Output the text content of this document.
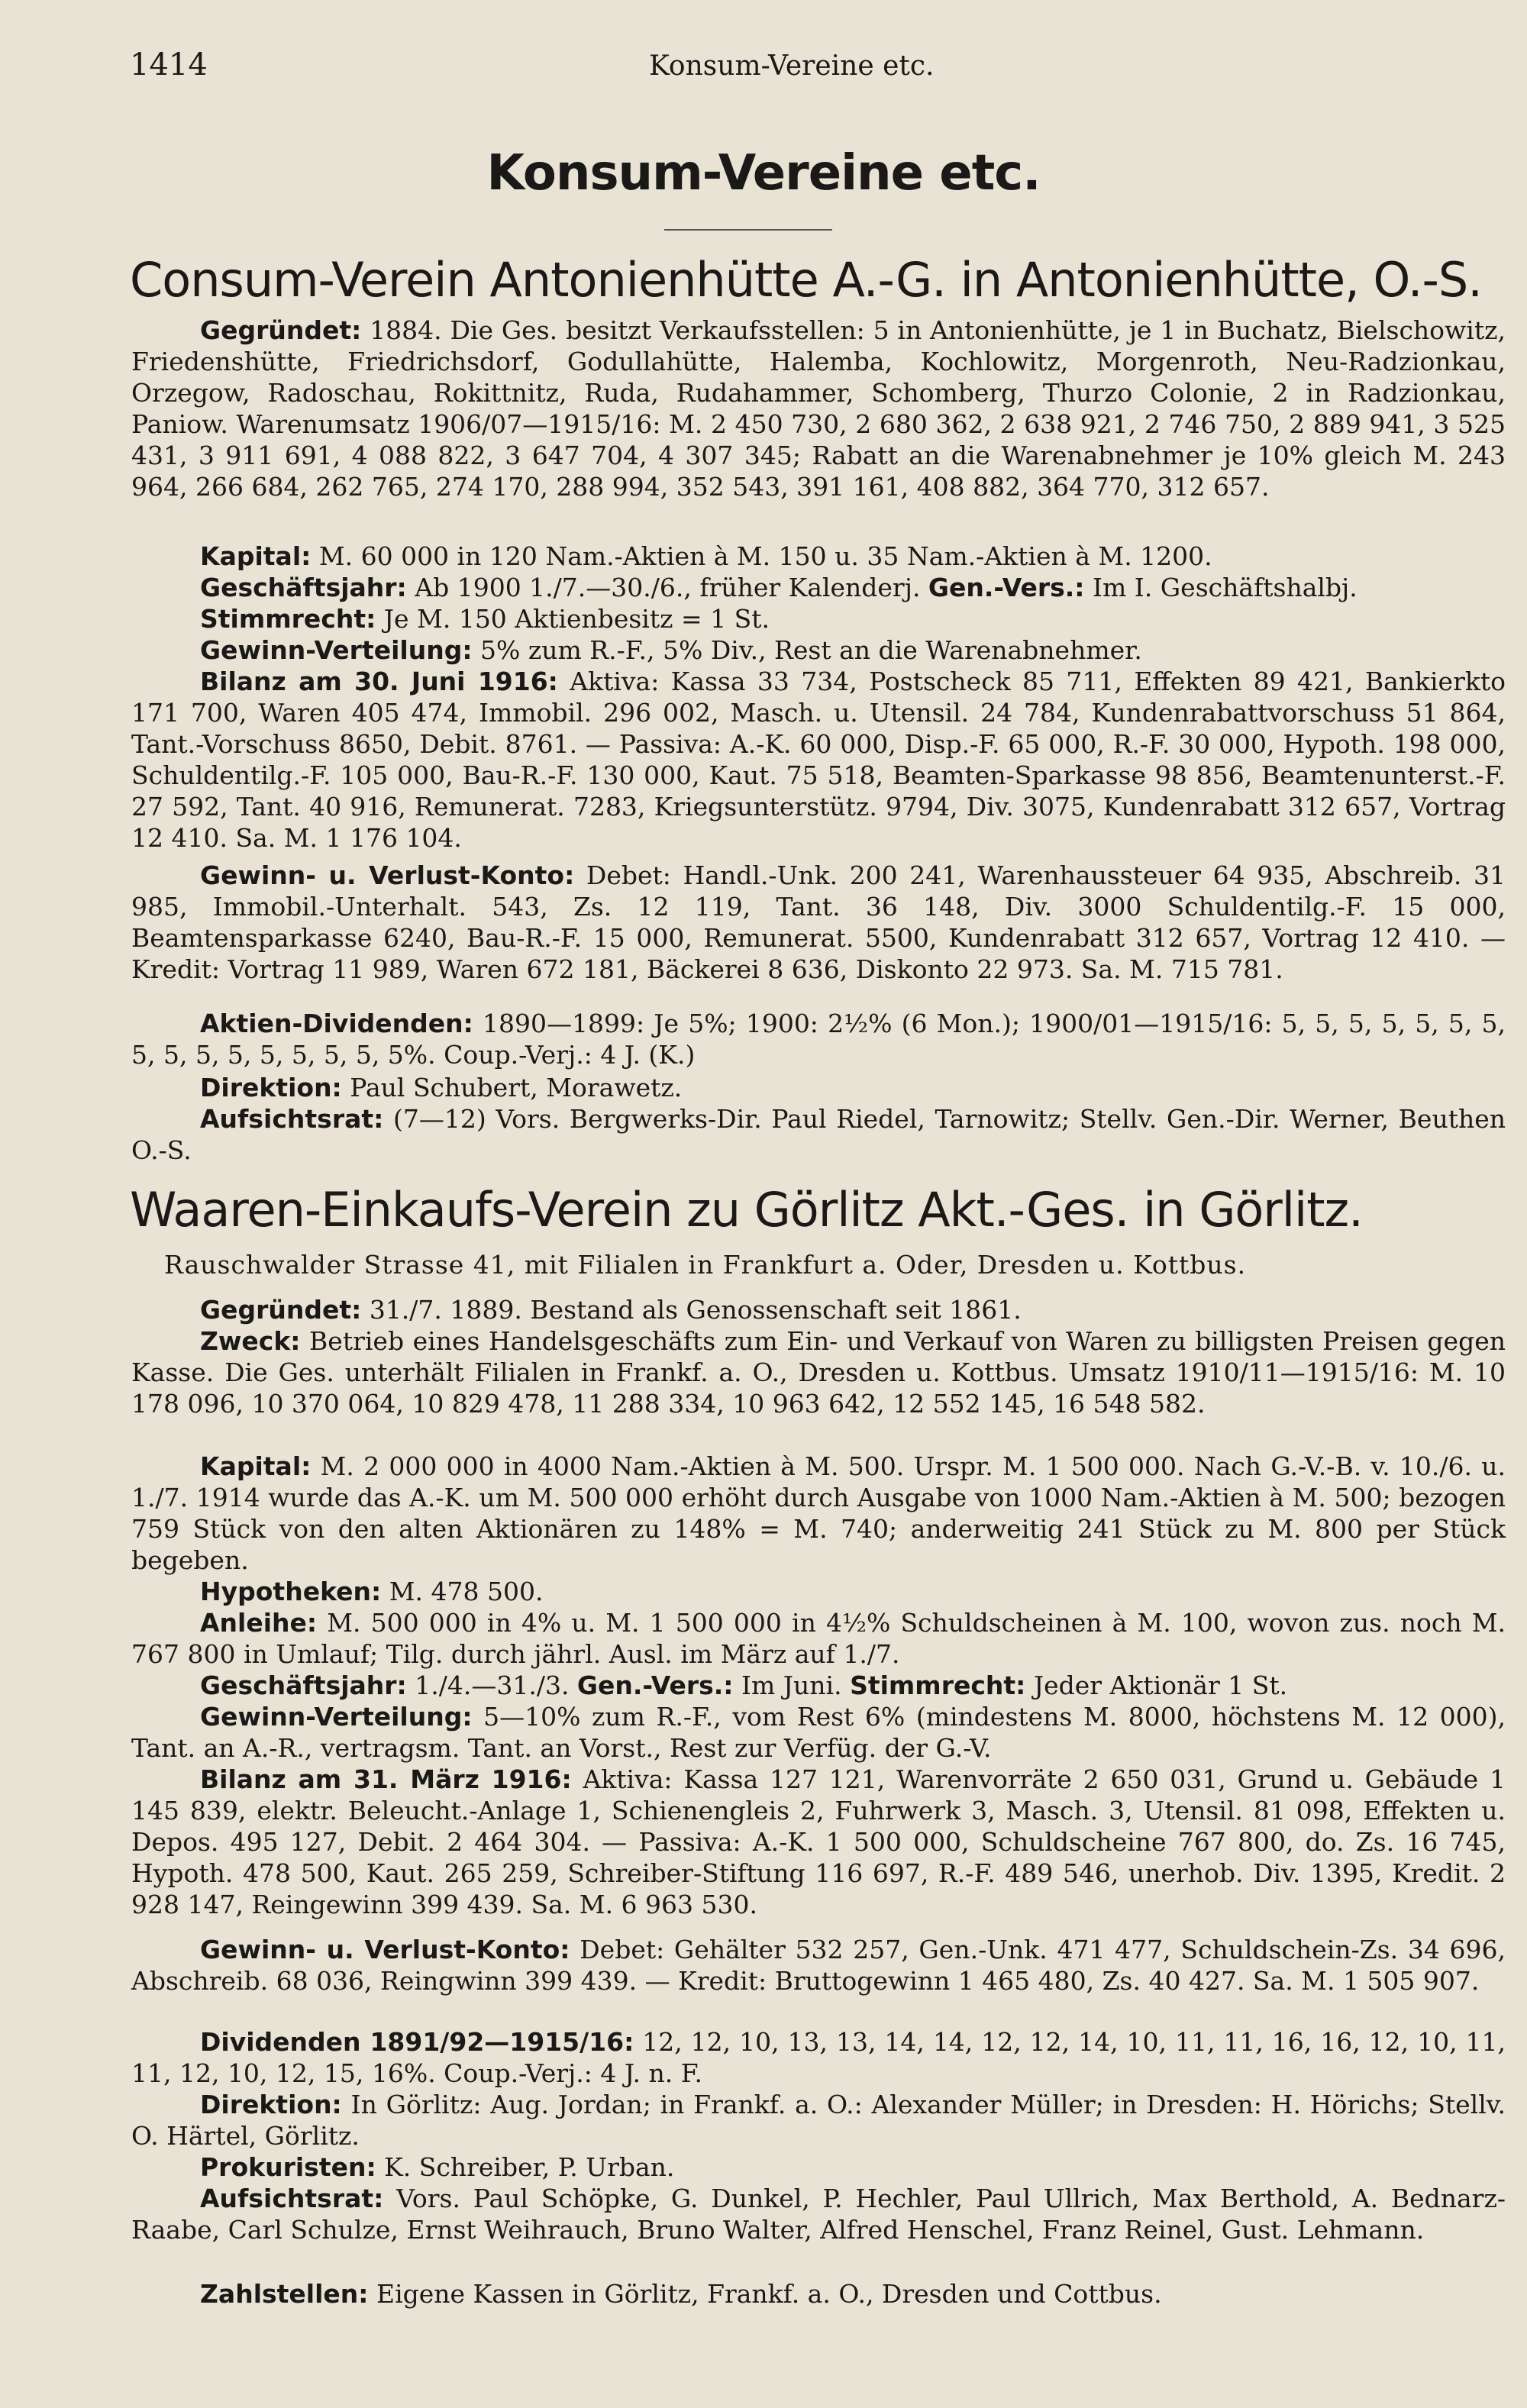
1414	Konsum-Vereine etc.
Konsum-Vereine etc.
Consum-Verein Antonienhütte A.-G. in Antonienhütte, O.-S.
Gegründet: 1884. Die Ges. besitzt Verkaufsstellen: 5 in Antonienhütte, je 1 in Buchatz, Bielschowitz, Friedenshütte, Friedrichsdorf, Godullahütte, Halemba, Kochlowitz, Morgenroth, Neu-Radzionkau, Orzegow, Radoschau, Rokittnitz, Ruda, Rudahammer, Schomberg, Thurzo Colonie, 2 in Radzionkau, Paniow. Warenumsatz 1906/07—1915/16: M. 2 450 730, 2 680 362, 2 638 921, 2 746 750, 2 889 941, 3 525 431, 3 911 691, 4 088 822, 3 647 704, 4 307 345; Rabatt an die Warenabnehmer je 10% gleich M. 243 964, 266 684, 262 765, 274 170, 288 994, 352 543, 391 161, 408 882, 364 770, 312 657.
Kapital: M. 60 000 in 120 Nam.-Aktien à M. 150 u. 35 Nam.-Aktien à M. 1200.
Geschäftsjahr: Ab 1900 1./7.—30./6., früher Kalenderj. Gen.-Vers.: Im I. Geschäftshalbj.
Stimmrecht: Je M. 150 Aktienbesitz = 1 St.
Gewinn-Verteilung: 5% zum R.-F., 5% Div., Rest an die Warenabnehmer.
Bilanz am 30. Juni 1916: Aktiva: Kassa 33 734, Postscheck 85 711, Effekten 89 421, Bankierkto 171 700, Waren 405 474, Immobil. 296 002, Masch. u. Utensil. 24 784, Kundenrabattvorschuss 51 864, Tant.-Vorschuss 8650, Debit. 8761. — Passiva: A.-K. 60 000, Disp.-F. 65 000, R.-F. 30 000, Hypoth. 198 000, Schuldentilg.-F. 105 000, Bau-R.-F. 130 000, Kaut. 75 518, Beamten-Sparkasse 98 856, Beamtenunterst.-F. 27 592, Tant. 40 916, Remunerat. 7283, Kriegsunterstütz. 9794, Div. 3075, Kundenrabatt 312 657, Vortrag 12 410. Sa. M. 1 176 104.
Gewinn- u. Verlust-Konto: Debet: Handl.-Unk. 200 241, Warenhaussteuer 64 935, Abschreib. 31 985, Immobil.-Unterhalt. 543, Zs. 12 119, Tant. 36 148, Div. 3000 Schuldentilg.-F. 15 000, Beamtensparkasse 6240, Bau-R.-F. 15 000, Remunerat. 5500, Kundenrabatt 312 657, Vortrag 12 410. — Kredit: Vortrag 11 989, Waren 672 181, Bäckerei 8 636, Diskonto 22 973. Sa. M. 715 781.
Aktien-Dividenden: 1890—1899: Je 5%; 1900: 2½% (6 Mon.); 1900/01—1915/16: 5, 5, 5, 5, 5, 5, 5, 5, 5, 5, 5, 5, 5, 5, 5, 5%. Coup.-Verj.: 4 J. (K.)
Direktion: Paul Schubert, Morawetz.
Aufsichtsrat: (7—12) Vors. Bergwerks-Dir. Paul Riedel, Tarnowitz; Stellv. Gen.-Dir. Werner, Beuthen O.-S.
Waaren-Einkaufs-Verein zu Görlitz Akt.-Ges. in Görlitz.
Rauschwalder Strasse 41, mit Filialen in Frankfurt a. Oder, Dresden u. Kottbus.
Gegründet: 31./7. 1889. Bestand als Genossenschaft seit 1861.
Zweck: Betrieb eines Handelsgeschäfts zum Ein- und Verkauf von Waren zu billigsten Preisen gegen Kasse. Die Ges. unterhält Filialen in Frankf. a. O., Dresden u. Kottbus. Umsatz 1910/11—1915/16: M. 10 178 096, 10 370 064, 10 829 478, 11 288 334, 10 963 642, 12 552 145, 16 548 582.
Kapital: M. 2 000 000 in 4000 Nam.-Aktien à M. 500. Urspr. M. 1 500 000. Nach G.-V.-B. v. 10./6. u. 1./7. 1914 wurde das A.-K. um M. 500 000 erhöht durch Ausgabe von 1000 Nam.-Aktien à M. 500; bezogen 759 Stück von den alten Aktionären zu 148% = M. 740; anderweitig 241 Stück zu M. 800 per Stück begeben.
Hypotheken: M. 478 500.
Anleihe: M. 500 000 in 4% u. M. 1 500 000 in 4½% Schuldscheinen à M. 100, wovon zus. noch M. 767 800 in Umlauf; Tilg. durch jährl. Ausl. im März auf 1./7.
Geschäftsjahr: 1./4.—31./3. Gen.-Vers.: Im Juni. Stimmrecht: Jeder Aktionär 1 St.
Gewinn-Verteilung: 5—10% zum R.-F., vom Rest 6% (mindestens M. 8000, höchstens M. 12 000), Tant. an A.-R., vertragsm. Tant. an Vorst., Rest zur Verfüg. der G.-V.
Bilanz am 31. März 1916: Aktiva: Kassa 127 121, Warenvorräte 2 650 031, Grund u. Gebäude 1 145 839, elektr. Beleucht.-Anlage 1, Schienengleis 2, Fuhrwerk 3, Masch. 3, Utensil. 81 098, Effekten u. Depos. 495 127, Debit. 2 464 304. — Passiva: A.-K. 1 500 000, Schuldscheine 767 800, do. Zs. 16 745, Hypoth. 478 500, Kaut. 265 259, Schreiber-Stiftung 116 697, R.-F. 489 546, unerhob. Div. 1395, Kredit. 2 928 147, Reingewinn 399 439. Sa. M. 6 963 530.
Gewinn- u. Verlust-Konto: Debet: Gehälter 532 257, Gen.-Unk. 471 477, Schuldschein-Zs. 34 696, Abschreib. 68 036, Reingwinn 399 439. — Kredit: Bruttogewinn 1 465 480, Zs. 40 427. Sa. M. 1 505 907.
Dividenden 1891/92—1915/16: 12, 12, 10, 13, 13, 14, 14, 12, 12, 14, 10, 11, 11, 16, 16, 12, 10, 11, 11, 12, 10, 12, 15, 16%. Coup.-Verj.: 4 J. n. F.
Direktion: In Görlitz: Aug. Jordan; in Frankf. a. O.: Alexander Müller; in Dresden: H. Hörichs; Stellv. O. Härtel, Görlitz.
Prokuristen: K. Schreiber, P. Urban.
Aufsichtsrat: Vors. Paul Schöpke, G. Dunkel, P. Hechler, Paul Ullrich, Max Berthold, A. Bednarz-Raabe, Carl Schulze, Ernst Weihrauch, Bruno Walter, Alfred Henschel, Franz Reinel, Gust. Lehmann.
Zahlstellen: Eigene Kassen in Görlitz, Frankf. a. O., Dresden und Cottbus.
